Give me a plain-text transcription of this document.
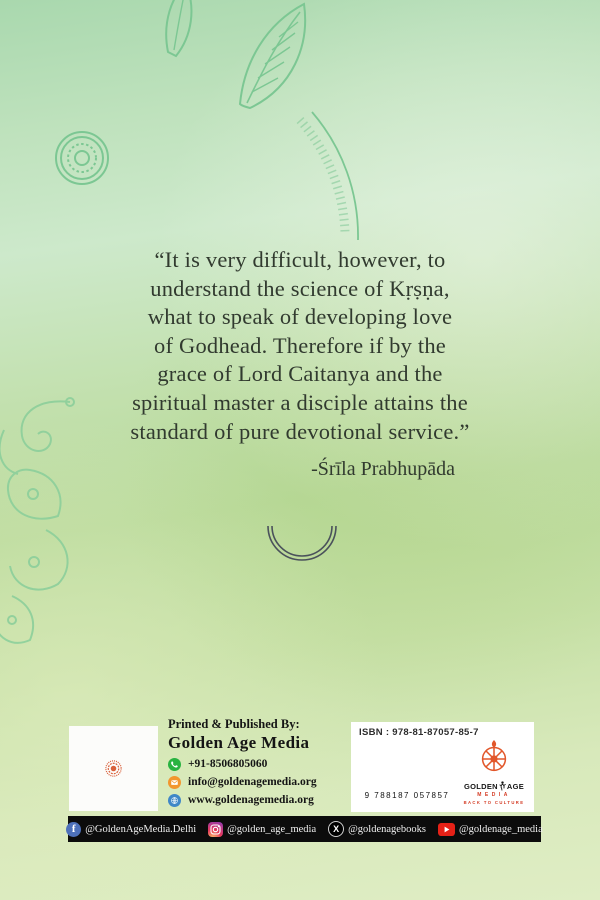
“It is very difficult, however, to
understand the science of Kṛṣṇa,
what to speak of developing love
of Godhead. Therefore if by the
grace of Lord Caitanya and the
spiritual master a disciple attains the
standard of pure devotional service.”
-Śrīla Prabhupāda
Printed & Published By:
Golden Age Media
+91-8506805060
info@goldenagemedia.org
www.goldenagemedia.org
ISBN : 978-81-87057-85-7
9 788187 057857
GOLDEN AGE
MEDIA
BACK TO CULTURE
f @GoldenAgeMedia.Delhi	@golden_age_media	X @goldenagebooks	@goldenage_media
